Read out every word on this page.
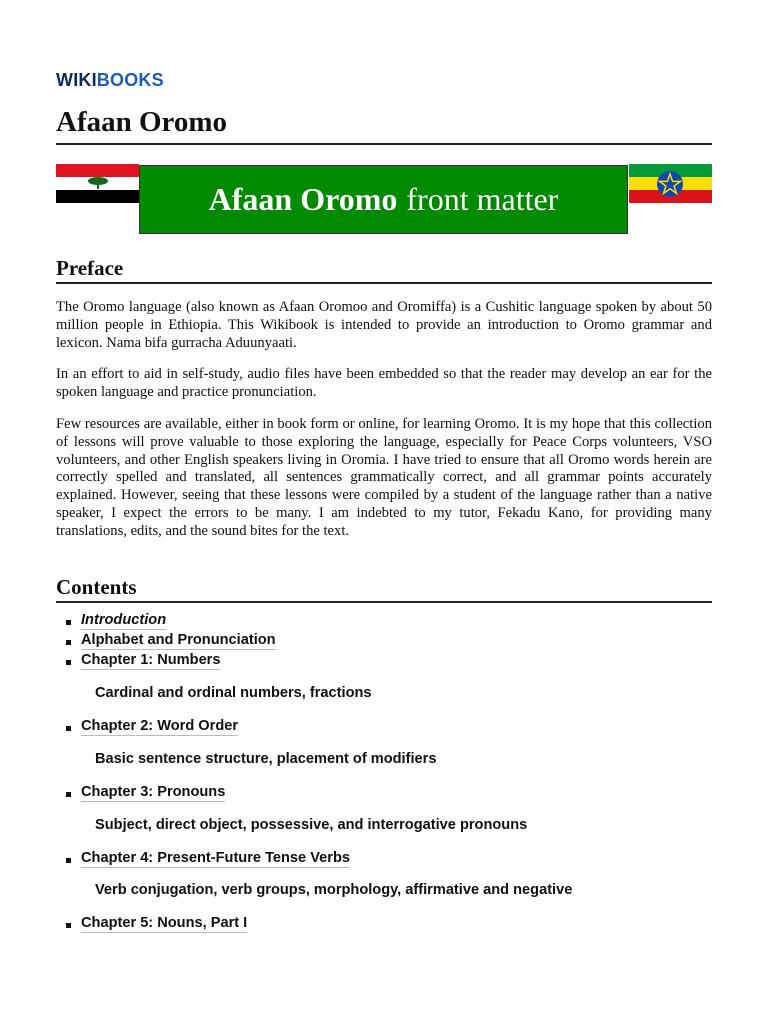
WIKIBOOKS
Afaan Oromo
Afaan Oromo front matter
Preface

The Oromo language (also known as Afaan Oromoo and Oromiffa) is a Cushitic language spoken by about 50 million people in Ethiopia. This Wikibook is intended to provide an introduction to Oromo grammar and lexicon. Nama bifa gurracha Aduunyaati.

In an effort to aid in self-study, audio files have been embedded so that the reader may develop an ear for the spoken language and practice pronunciation.

Few resources are available, either in book form or online, for learning Oromo. It is my hope that this collection of lessons will prove valuable to those exploring the language, especially for Peace Corps volunteers, VSO volunteers, and other English speakers living in Oromia. I have tried to ensure that all Oromo words herein are correctly spelled and translated, all sentences grammatically correct, and all grammar points accurately explained. However, seeing that these lessons were compiled by a student of the language rather than a native speaker, I expect the errors to be many. I am indebted to my tutor, Fekadu Kano, for providing many translations, edits, and the sound bites for the text.

Contents
Introduction
Alphabet and Pronunciation
Chapter 1: Numbers
Cardinal and ordinal numbers, fractions
Chapter 2: Word Order
Basic sentence structure, placement of modifiers
Chapter 3: Pronouns
Subject, direct object, possessive, and interrogative pronouns
Chapter 4: Present-Future Tense Verbs
Verb conjugation, verb groups, morphology, affirmative and negative
Chapter 5: Nouns, Part I
